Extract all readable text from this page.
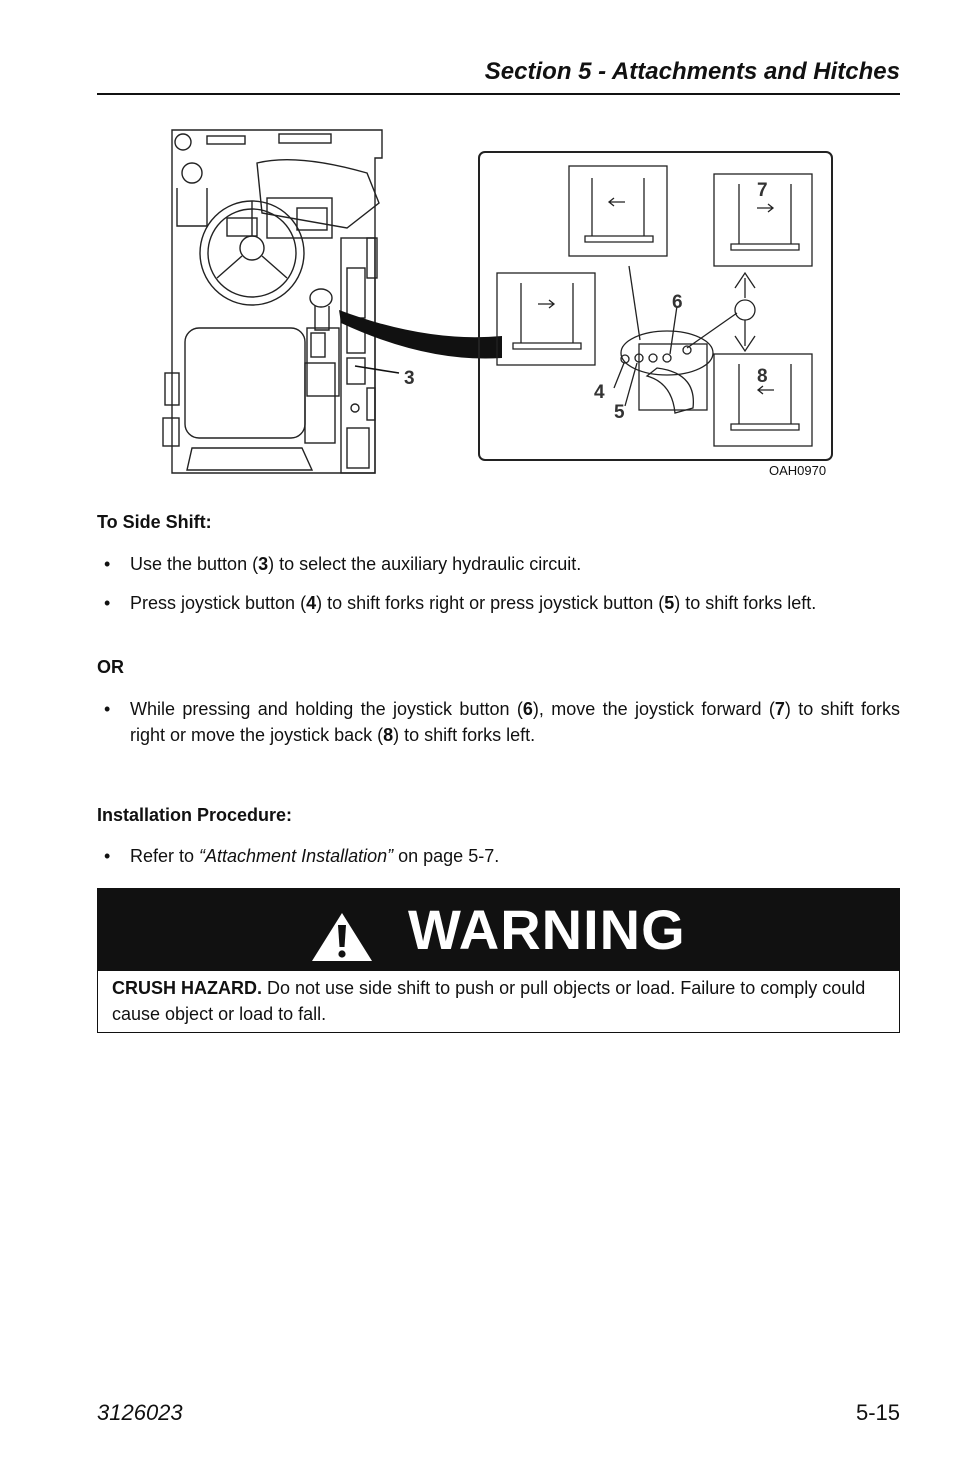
Section 5 - Attachments and Hitches
3
4
5
6
7
8
OAH0970
To Side Shift:
• Use the button (3) to select the auxiliary hydraulic circuit.
• Press joystick button (4) to shift forks right or press joystick button (5) to shift forks left.
OR
• While pressing and holding the joystick button (6), move the joystick forward (7) to shift forks right or move the joystick back (8) to shift forks left.
Installation Procedure:
• Refer to “Attachment Installation” on page 5-7.
WARNING
CRUSH HAZARD. Do not use side shift to push or pull objects or load. Failure to comply could cause object or load to fall.
3126023	5-15
